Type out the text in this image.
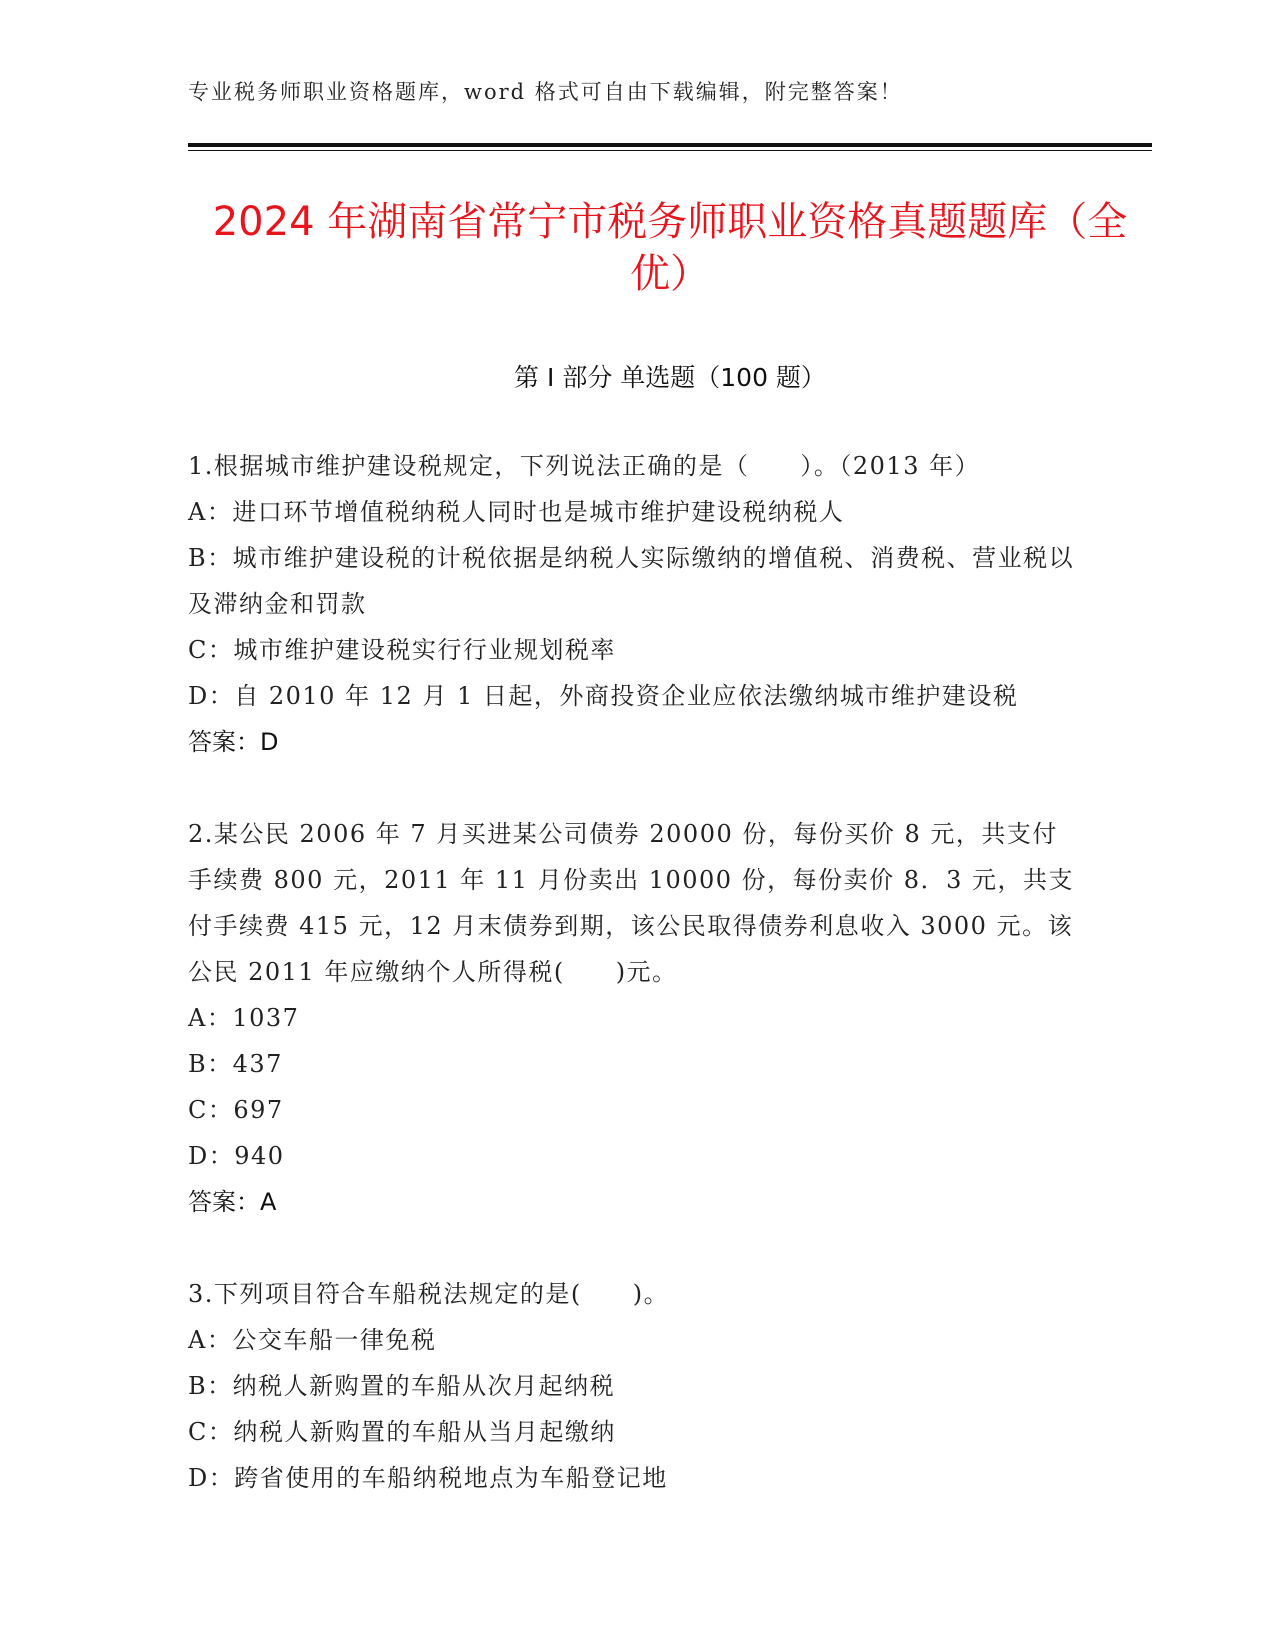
专业税务师职业资格题库，word 格式可自由下载编辑，附完整答案！
2024 年湖南省常宁市税务师职业资格真题题库（全优）
第 I 部分 单选题（100 题）
1.根据城市维护建设税规定，下列说法正确的是（　　）。（2013 年）
A：进口环节增值税纳税人同时也是城市维护建设税纳税人
B：城市维护建设税的计税依据是纳税人实际缴纳的增值税、消费税、营业税以及滞纳金和罚款
C：城市维护建设税实行行业规划税率
D：自 2010 年 12 月 1 日起，外商投资企业应依法缴纳城市维护建设税
答案：D
2.某公民 2006 年 7 月买进某公司债券 20000 份，每份买价 8 元，共支付手续费 800 元，2011 年 11 月份卖出 10000 份，每份卖价 8．3 元，共支付手续费 415 元，12 月末债券到期，该公民取得债券利息收入 3000 元。该公民 2011 年应缴纳个人所得税(　　)元。
A：1037
B：437
C：697
D：940
答案：A
3.下列项目符合车船税法规定的是(　　)。
A：公交车船一律免税
B：纳税人新购置的车船从次月起纳税
C：纳税人新购置的车船从当月起缴纳
D：跨省使用的车船纳税地点为车船登记地
